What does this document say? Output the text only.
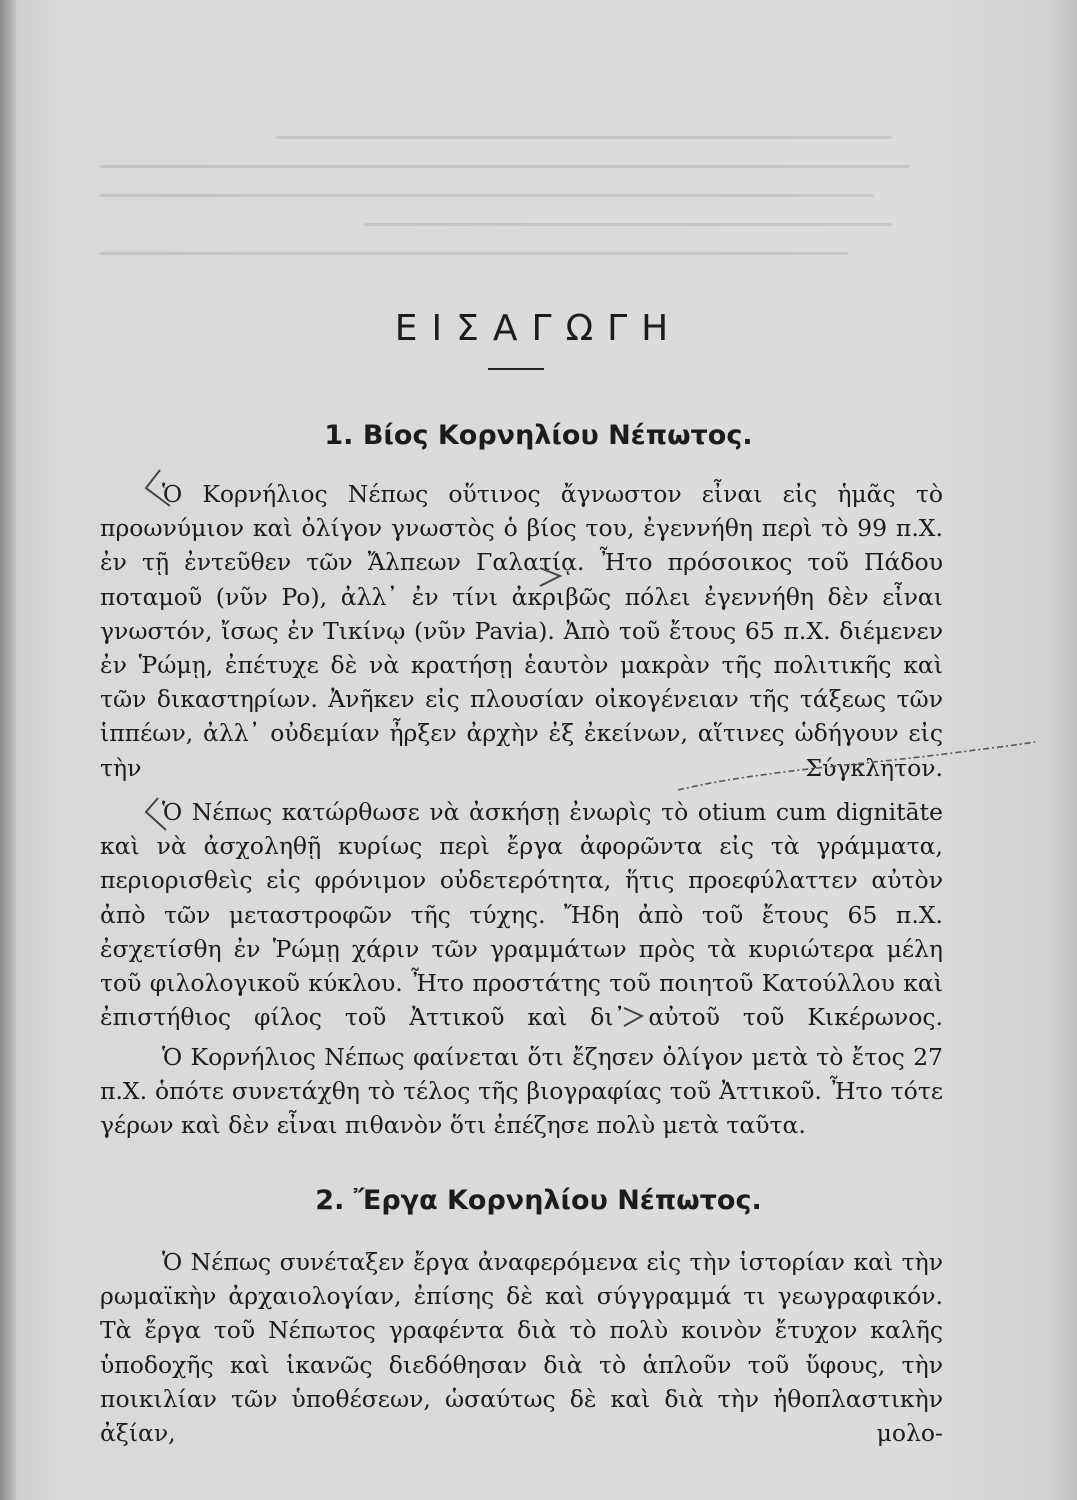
ΕΙΣΑΓΩΓΗ
1. Βίος Κορνηλίου Νέπωτος.
Ὁ Κορνήλιος Νέπως οὕτινος ἄγνωστον εἶναι εἰς ἡμᾶς τὸ προωνύμιον καὶ ὀλίγον γνωστὸς ὁ βίος του, ἐγεννήθη περὶ τὸ 99 π.Χ. ἐν τῇ ἐντεῦθεν τῶν Ἄλπεων Γαλατίᾳ. Ἦτο πρόσοικος τοῦ Πάδου ποταμοῦ (νῦν Po), ἀλλ᾽ ἐν τίνι ἀκριβῶς πόλει ἐγεννήθη δὲν εἶναι γνωστόν, ἴσως ἐν Τικίνῳ (νῦν Pavia). Ἀπὸ τοῦ ἔτους 65 π.Χ. διέμενεν ἐν Ῥώμῃ, ἐπέτυχε δὲ νὰ κρατήσῃ ἑαυτὸν μακρὰν τῆς πολιτικῆς καὶ τῶν δικαστηρίων. Ἀνῆκεν εἰς πλουσίαν οἰκογένειαν τῆς τάξεως τῶν ἱππέων, ἀλλ᾽ οὐδεμίαν ἦρξεν ἀρχὴν ἐξ ἐκείνων, αἵτινες ὡδήγουν εἰς τὴν Σύγκλητον.
Ὁ Νέπως κατώρθωσε νὰ ἀσκήσῃ ἐνωρὶς τὸ otium cum dignitāte καὶ νὰ ἀσχοληθῇ κυρίως περὶ ἔργα ἀφορῶντα εἰς τὰ γράμματα, περιορισθεὶς εἰς φρόνιμον οὐδετερότητα, ἥτις προεφύλαττεν αὐτὸν ἀπὸ τῶν μεταστροφῶν τῆς τύχης. Ἤδη ἀπὸ τοῦ ἔτους 65 π.Χ. ἐσχετίσθη ἐν Ῥώμῃ χάριν τῶν γραμμάτων πρὸς τὰ κυριώτερα μέλη τοῦ φιλολογικοῦ κύκλου. Ἦτο προστάτης τοῦ ποιητοῦ Κατούλλου καὶ ἐπιστήθιος φίλος τοῦ Ἀττικοῦ καὶ δι᾽ αὐτοῦ τοῦ Κικέρωνος.
Ὁ Κορνήλιος Νέπως φαίνεται ὅτι ἔζησεν ὀλίγον μετὰ τὸ ἔτος 27 π.Χ. ὁπότε συνετάχθη τὸ τέλος τῆς βιογραφίας τοῦ Ἀττικοῦ. Ἦτο τότε γέρων καὶ δὲν εἶναι πιθανὸν ὅτι ἐπέζησε πολὺ μετὰ ταῦτα.
2. Ἔργα Κορνηλίου Νέπωτος.
Ὁ Νέπως συνέταξεν ἔργα ἀναφερόμενα εἰς τὴν ἱστορίαν καὶ τὴν ρωμαϊκὴν ἀρχαιολογίαν, ἐπίσης δὲ καὶ σύγγραμμά τι γεωγραφικόν. Τὰ ἔργα τοῦ Νέπωτος γραφέντα διὰ τὸ πολὺ κοινὸν ἔτυχον καλῆς ὑποδοχῆς καὶ ἱκανῶς διεδόθησαν διὰ τὸ ἁπλοῦν τοῦ ὕφους, τὴν ποικιλίαν τῶν ὑποθέσεων, ὡσαύτως δὲ καὶ διὰ τὴν ἠθοπλαστικὴν ἀξίαν, μολο-
